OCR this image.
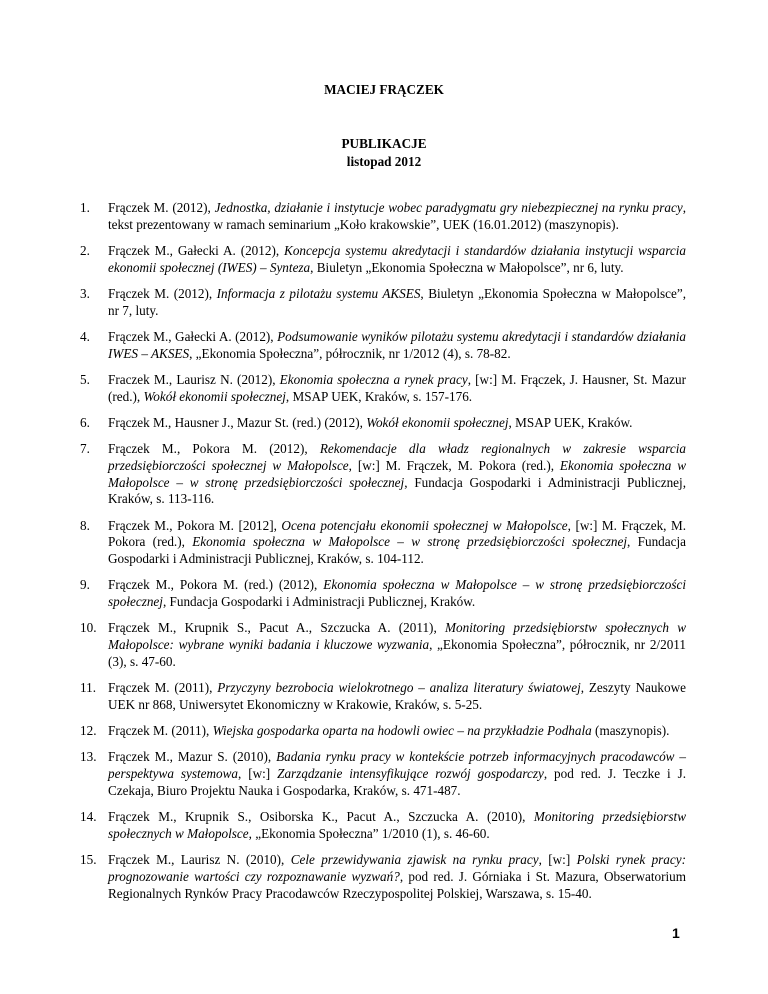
MACIEJ FRĄCZEK
PUBLIKACJE
listopad 2012
1. Frączek M. (2012), Jednostka, działanie i instytucje wobec paradygmatu gry niebezpiecznej na rynku pracy, tekst prezentowany w ramach seminarium „Koło krakowskie”, UEK (16.01.2012) (maszynopis).
2. Frączek M., Gałecki A. (2012), Koncepcja systemu akredytacji i standardów działania instytucji wsparcia ekonomii społecznej (IWES) – Synteza, Biuletyn „Ekonomia Społeczna w Małopolsce”, nr 6, luty.
3. Frączek M. (2012), Informacja z pilotażu systemu AKSES, Biuletyn „Ekonomia Społeczna w Małopolsce”, nr 7, luty.
4. Frączek M., Gałecki A. (2012), Podsumowanie wyników pilotażu systemu akredytacji i standardów działania IWES – AKSES, „Ekonomia Społeczna”, półrocznik, nr 1/2012 (4), s. 78-82.
5. Fraczek M., Laurisz N. (2012), Ekonomia społeczna a rynek pracy, [w:] M. Frączek, J. Hausner, St. Mazur (red.), Wokół ekonomii społecznej, MSAP UEK, Kraków, s. 157-176.
6. Frączek M., Hausner J., Mazur St. (red.) (2012), Wokół ekonomii społecznej, MSAP UEK, Kraków.
7. Frączek M., Pokora M. (2012), Rekomendacje dla władz regionalnych w zakresie wsparcia przedsiębiorczości społecznej w Małopolsce, [w:] M. Frączek, M. Pokora (red.), Ekonomia społeczna w Małopolsce – w stronę przedsiębiorczości społecznej, Fundacja Gospodarki i Administracji Publicznej, Kraków, s. 113-116.
8. Frączek M., Pokora M. [2012], Ocena potencjału ekonomii społecznej w Małopolsce, [w:] M. Frączek, M. Pokora (red.), Ekonomia społeczna w Małopolsce – w stronę przedsiębiorczości społecznej, Fundacja Gospodarki i Administracji Publicznej, Kraków, s. 104-112.
9. Frączek M., Pokora M. (red.) (2012), Ekonomia społeczna w Małopolsce – w stronę przedsiębiorczości społecznej, Fundacja Gospodarki i Administracji Publicznej, Kraków.
10. Frączek M., Krupnik S., Pacut A., Szczucka A. (2011), Monitoring przedsiębiorstw społecznych w Małopolsce: wybrane wyniki badania i kluczowe wyzwania, „Ekonomia Społeczna”, półrocznik, nr 2/2011 (3), s. 47-60.
11. Frączek M. (2011), Przyczyny bezrobocia wielokrotnego – analiza literatury światowej, Zeszyty Naukowe UEK nr 868, Uniwersytet Ekonomiczny w Krakowie, Kraków, s. 5-25.
12. Frączek M. (2011), Wiejska gospodarka oparta na hodowli owiec – na przykładzie Podhala (maszynopis).
13. Frączek M., Mazur S. (2010), Badania rynku pracy w kontekście potrzeb informacyjnych pracodawców – perspektywa systemowa, [w:] Zarządzanie intensyfikujące rozwój gospodarczy, pod red. J. Teczke i J. Czekaja, Biuro Projektu Nauka i Gospodarka, Kraków, s. 471-487.
14. Frączek M., Krupnik S., Osiborska K., Pacut A., Szczucka A. (2010), Monitoring przedsiębiorstw społecznych w Małopolsce, „Ekonomia Społeczna” 1/2010 (1), s. 46-60.
15. Frączek M., Laurisz N. (2010), Cele przewidywania zjawisk na rynku pracy, [w:] Polski rynek pracy: prognozowanie wartości czy rozpoznawanie wyzwań?, pod red. J. Górniaka i St. Mazura, Obserwatorium Regionalnych Rynków Pracy Pracodawców Rzeczypospolitej Polskiej, Warszawa, s. 15-40.
1
